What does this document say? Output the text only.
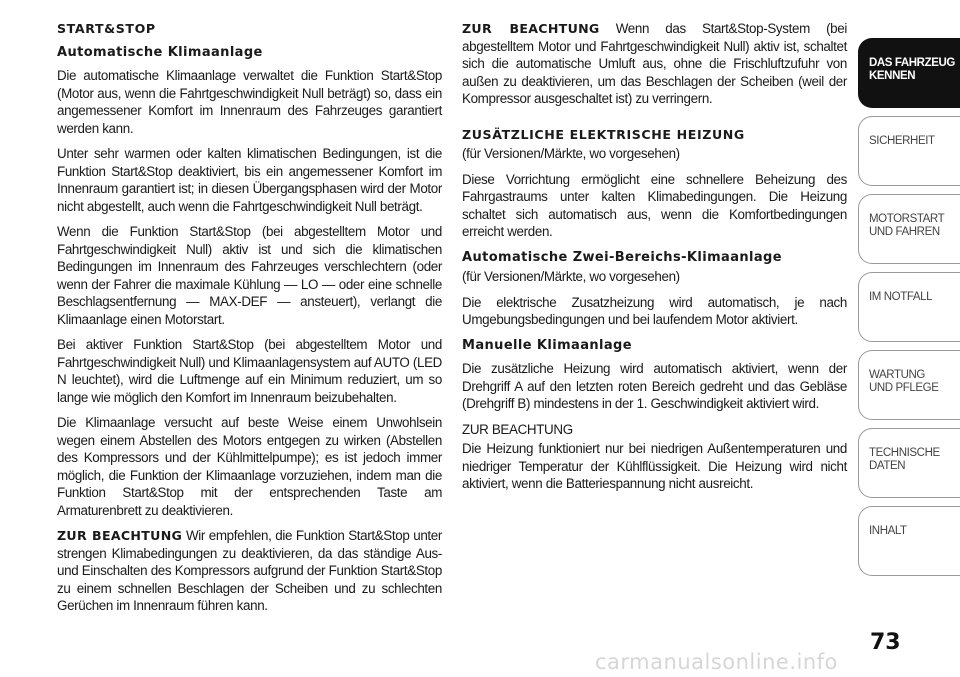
START&STOP
Automatische Klimaanlage

Die automatische Klimaanlage verwaltet die Funktion Start&Stop (Motor aus, wenn die Fahrtgeschwindigkeit Null beträgt) so, dass ein angemessener Komfort im Innenraum des Fahrzeuges garantiert werden kann.

Unter sehr warmen oder kalten klimatischen Bedingungen, ist die Funktion Start&Stop deaktiviert, bis ein angemessener Komfort im Innenraum garantiert ist; in diesen Übergangsphasen wird der Motor nicht abgestellt, auch wenn die Fahrtgeschwindigkeit Null beträgt.

Wenn die Funktion Start&Stop (bei abgestelltem Motor und Fahrtgeschwindigkeit Null) aktiv ist und sich die klimatischen Bedingungen im Innenraum des Fahrzeuges verschlechtern (oder wenn der Fahrer die maximale Kühlung — LO — oder eine schnelle Beschlagsentfernung — MAX-DEF — ansteuert), verlangt die Klimaanlage einen Motorstart.

Bei aktiver Funktion Start&Stop (bei abgestelltem Motor und Fahrtgeschwindigkeit Null) und Klimaanlagensystem auf AUTO (LED N leuchtet), wird die Luftmenge auf ein Minimum reduziert, um so lange wie möglich den Komfort im Innenraum beizubehalten.

Die Klimaanlage versucht auf beste Weise einem Unwohlsein wegen einem Abstellen des Motors entgegen zu wirken (Abstellen des Kompressors und der Kühlmittelpumpe); es ist jedoch immer möglich, die Funktion der Klimaanlage vorzuziehen, indem man die Funktion Start&Stop mit der entsprechenden Taste am Armaturenbrett zu deaktivieren.

ZUR BEACHTUNG Wir empfehlen, die Funktion Start&Stop unter strengen Klimabedingungen zu deaktivieren, da das ständige Aus- und Einschalten des Kompressors aufgrund der Funktion Start&Stop zu einem schnellen Beschlagen der Scheiben und zu schlechten Gerüchen im Innenraum führen kann.

ZUR BEACHTUNG Wenn das Start&Stop-System (bei abgestelltem Motor und Fahrtgeschwindigkeit Null) aktiv ist, schaltet sich die automatische Umluft aus, ohne die Frischluftzufuhr von außen zu deaktivieren, um das Beschlagen der Scheiben (weil der Kompressor ausgeschaltet ist) zu verringern.

ZUSÄTZLICHE ELEKTRISCHE HEIZUNG

(für Versionen/Märkte, wo vorgesehen)

Diese Vorrichtung ermöglicht eine schnellere Beheizung des Fahrgastraums unter kalten Klimabedingungen. Die Heizung schaltet sich automatisch aus, wenn die Komfortbedingungen erreicht werden.

Automatische Zwei-Bereichs-Klimaanlage

(für Versionen/Märkte, wo vorgesehen)

Die elektrische Zusatzheizung wird automatisch, je nach Umgebungsbedingungen und bei laufendem Motor aktiviert.

Manuelle Klimaanlage

Die zusätzliche Heizung wird automatisch aktiviert, wenn der Drehgriff A auf den letzten roten Bereich gedreht und das Gebläse (Drehgriff B) mindestens in der 1. Geschwindigkeit aktiviert wird.

ZUR BEACHTUNG

Die Heizung funktioniert nur bei niedrigen Außentemperaturen und niedriger Temperatur der Kühlflüssigkeit. Die Heizung wird nicht aktiviert, wenn die Batteriespannung nicht ausreicht.

DAS FAHRZEUG
KENNEN
SICHERHEIT
MOTORSTART
UND FAHREN
IM NOTFALL
WARTUNG
UND PFLEGE
TECHNISCHE
DATEN
INHALT
73
carmanualsonline.info
